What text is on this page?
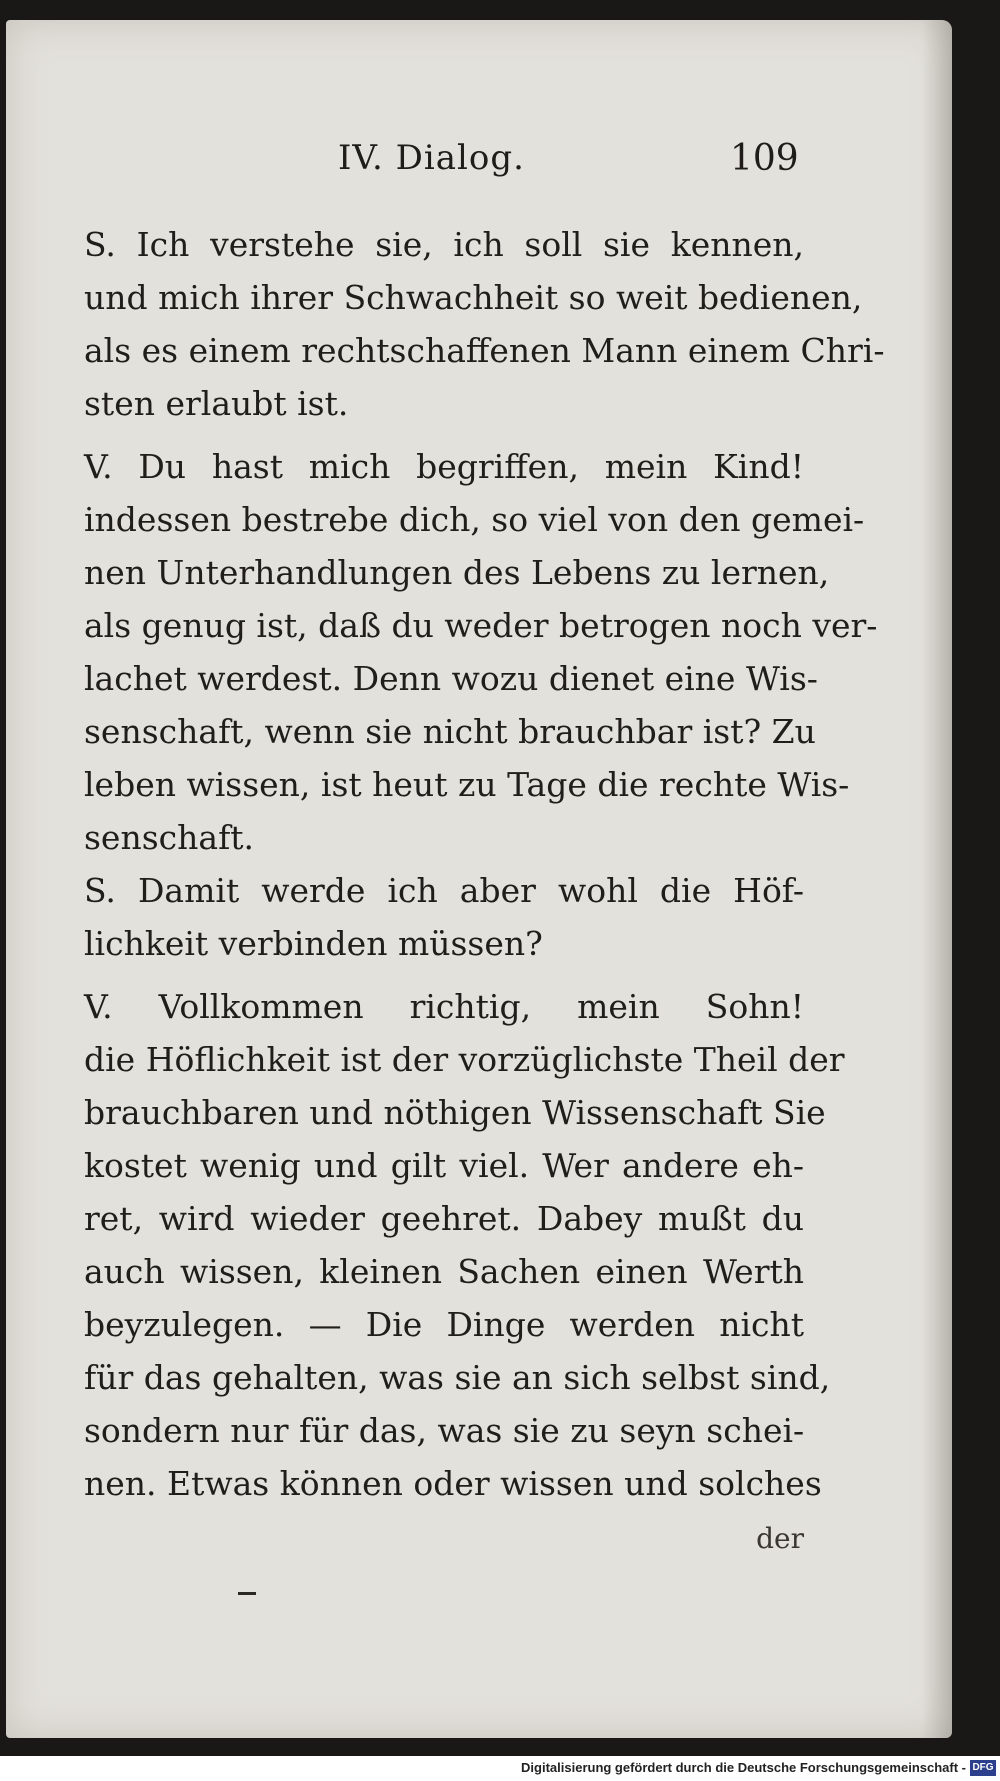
IV. Dialog.	109
S. Ich verstehe sie, ich soll sie kennen,
und mich ihrer Schwachheit so weit bedienen,
als es einem rechtschaffenen Mann einem Chri-
sten erlaubt ist.
V. Du hast mich begriffen, mein Kind!
indessen bestrebe dich, so viel von den gemei-
nen Unterhandlungen des Lebens zu lernen,
als genug ist, daß du weder betrogen noch ver-
lachet werdest. Denn wozu dienet eine Wis-
senschaft, wenn sie nicht brauchbar ist? Zu
leben wissen, ist heut zu Tage die rechte Wis-
senschaft.
S. Damit werde ich aber wohl die Höf-
lichkeit verbinden müssen?
V. Vollkommen richtig, mein Sohn!
die Höflichkeit ist der vorzüglichste Theil der
brauchbaren und nöthigen Wissenschaft Sie
kostet wenig und gilt viel. Wer andere eh-
ret, wird wieder geehret. Dabey mußt du
auch wissen, kleinen Sachen einen Werth
beyzulegen. — Die Dinge werden nicht
für das gehalten, was sie an sich selbst sind,
sondern nur für das, was sie zu seyn schei-
nen. Etwas können oder wissen und solches
der
Digitalisierung gefördert durch die Deutsche Forschungsgemeinschaft - DFG
